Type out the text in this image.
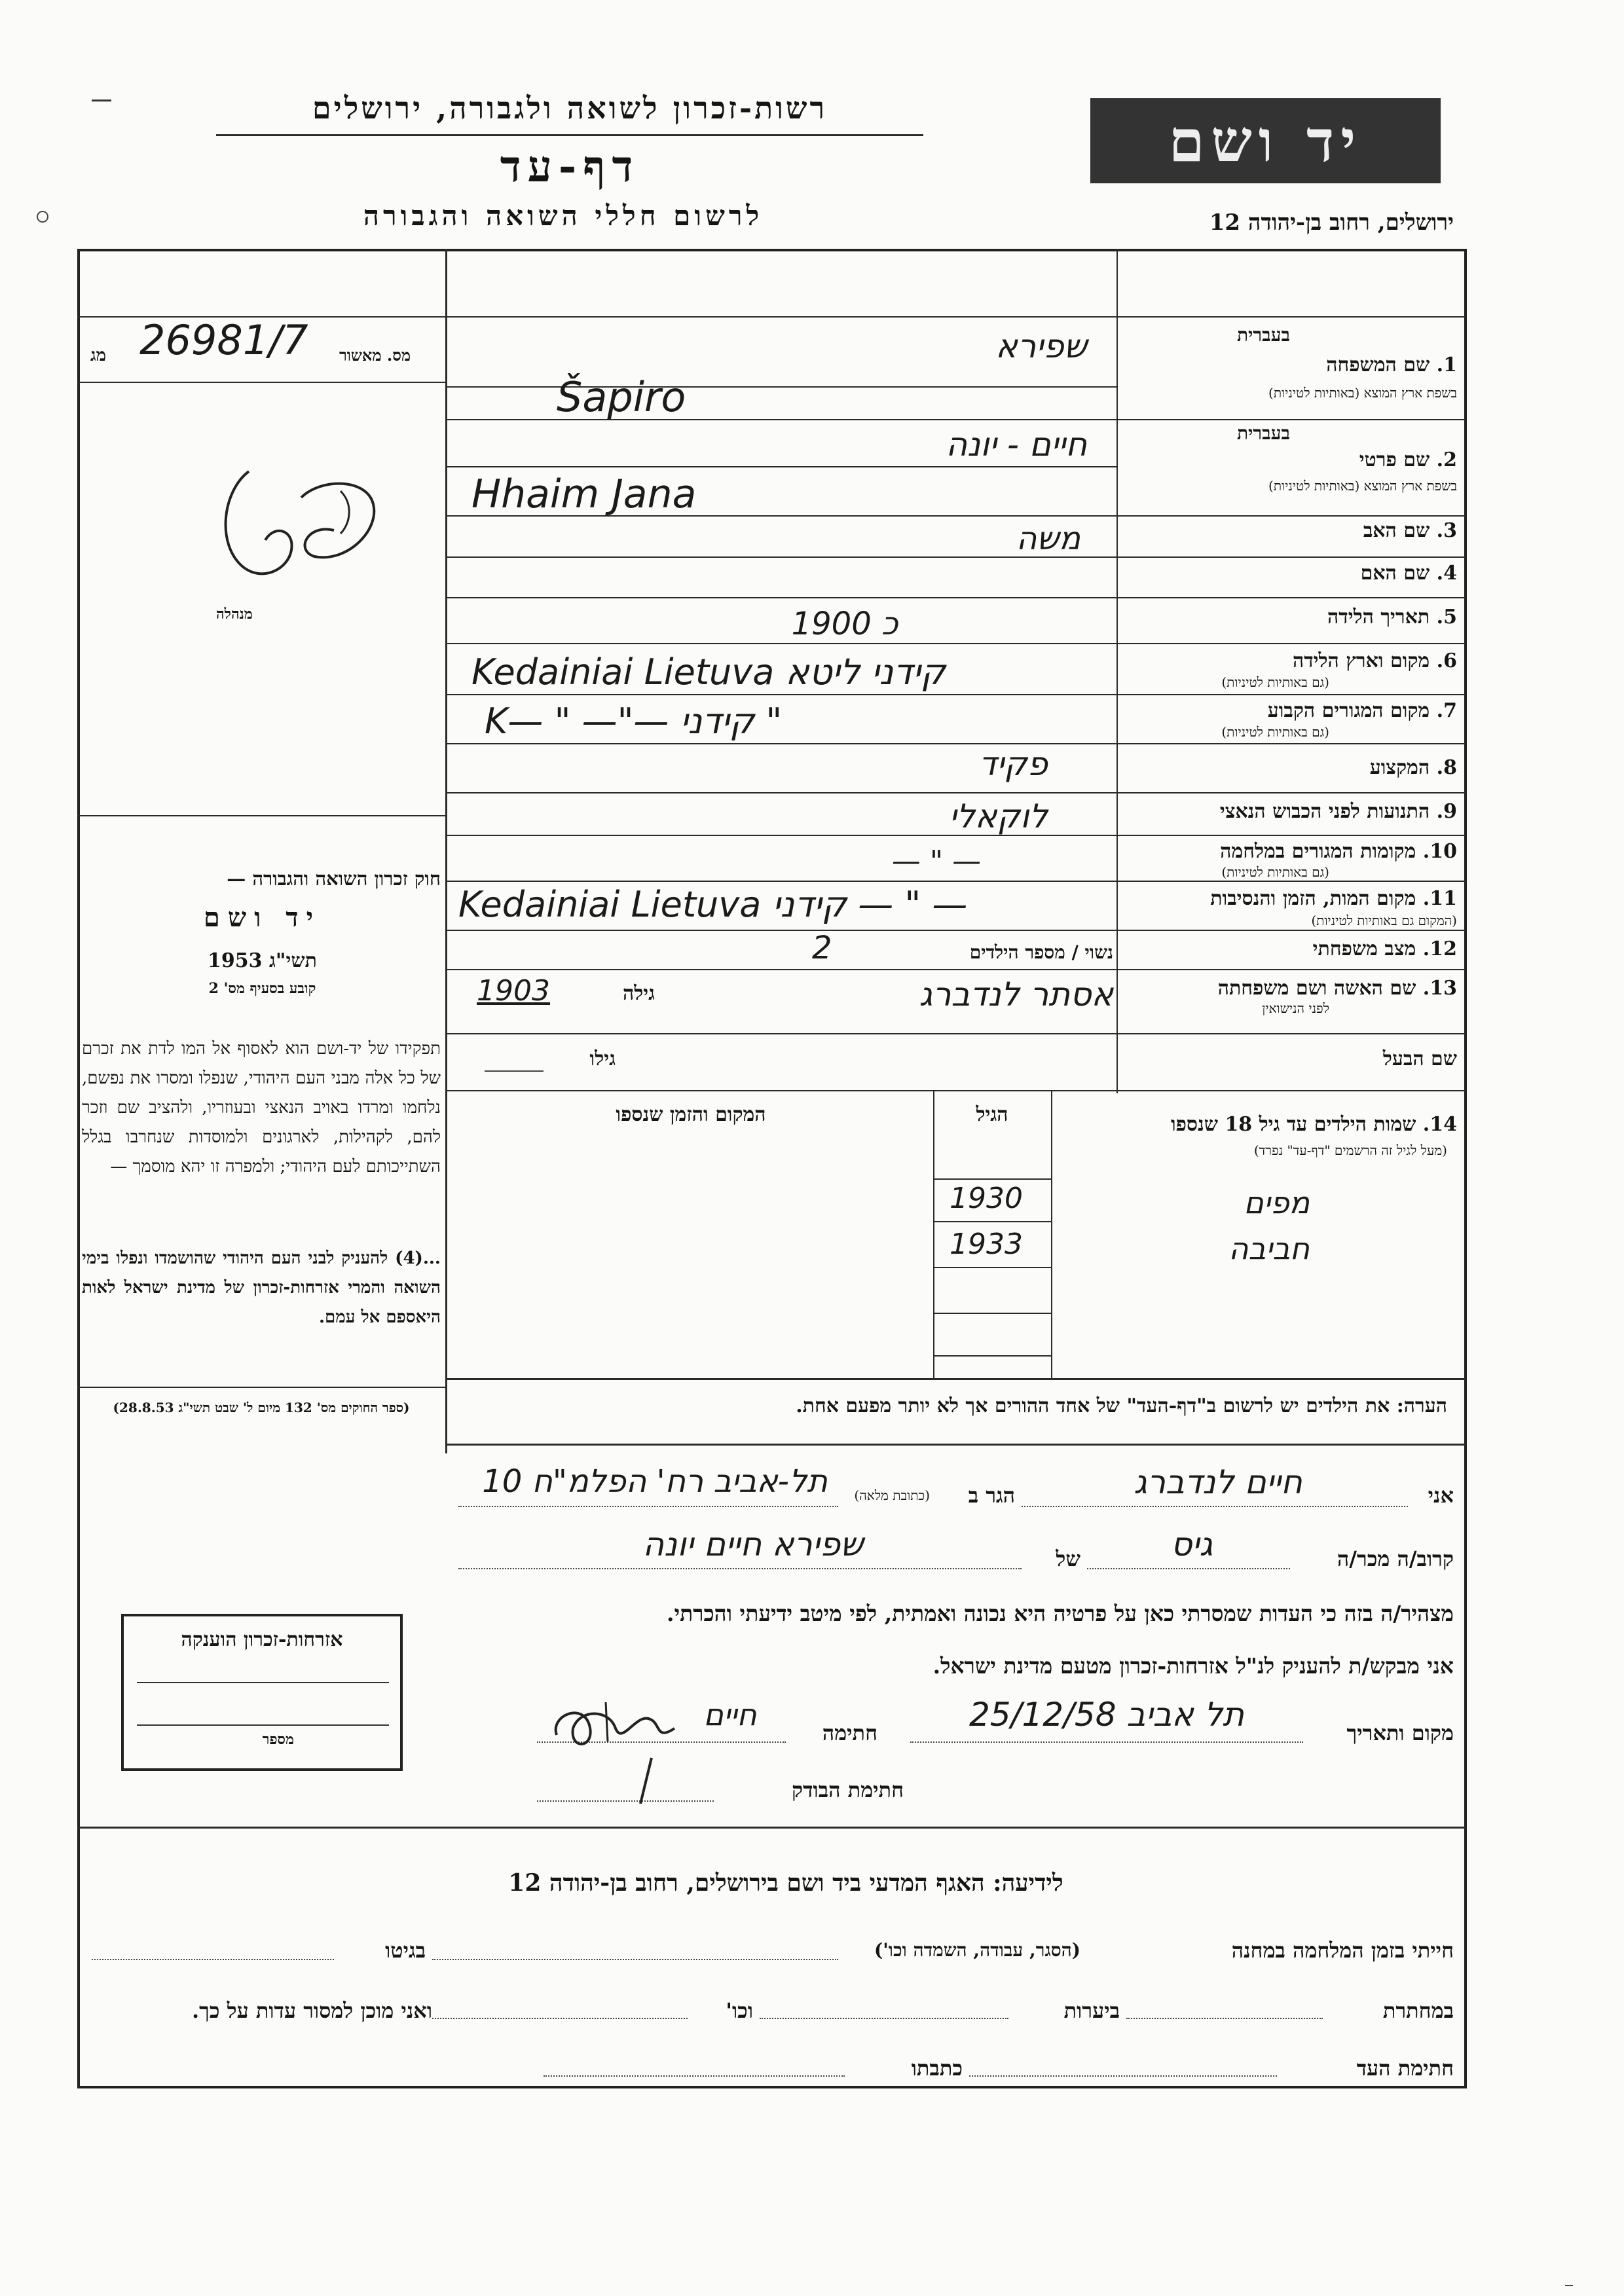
רשות-זכרון לשואה ולגבורה, ירושלים
דף-עד
לרשום חללי השואה והגבורה
יד ושם
ירושלים, רחוב בן-יהודה 12
מג 26981/7 מס. מאשור
מנהלה
חוק זכרון השואה והגבורה —
יד ושם
תשי"ג 1953
קובע בסעיף מס' 2
תפקידו של יד-ושם הוא לאסוף אל המו לדת את זכרם של כל אלה מבני העם היהודי, שנפלו ומסרו את נפשם, נלחמו ומרדו באויב הנאצי ובעוזריו, ולהציב שם וזכר להם, לקהילות, לארגונים ולמוסדות שנחרבו בגלל השתייכותם לעם היהודי; ולמפרה זו יהא מוסמך —
...(4) להעניק לבני העם היהודי שהושמדו ונפלו בימי השואה והמרי אזרחות-זכרון של מדינת ישראל לאות היאספם אל עמם.
(ספר החוקים מס' 132 מיום ל' שבט תשי"ג 28.8.53)
בעברית
1. שם המשפחה
בשפת ארץ המוצא (באותיות לטיניות)
בעברית
2. שם פרטי
בשפת ארץ המוצא (באותיות לטיניות)
3. שם האב
4. שם האם
5. תאריך הלידה
6. מקום וארץ הלידה
(גם באותיות לטיניות)
7. מקום המגורים הקבוע
(גם באותיות לטיניות)
8. המקצוע
9. התנועות לפני הכבוש הנאצי
10. מקומות המגורים במלחמה
(גם באותיות לטיניות)
11. מקום המות, הזמן והנסיבות
(המקום גם באותיות לטיניות)
12. מצב משפחתי
13. שם האשה ושם משפחתה
לפני הנישואין
שם הבעל
שפירא
Šapiro
חיים - יונה
Hhaim Jana
משה
כ 1900
Kedainiai Lietuva קידני ליטא
K— " —"— קידני "
פקיד
לוקאלי
— " —
Kedainiai Lietuva קידני — " —
נשוי / מספר הילדים
2
אסתר לנדברג
גילה
1903
גילו
14. שמות הילדים עד גיל 18 שנספו
(מעל לגיל זה הרשמים "דף-עד" נפרד)
הגיל
המקום והזמן שנספו
מפים
1930
חביבה
1933
הערה: את הילדים יש לרשום ב"דף-העד" של אחד ההורים אך לא יותר מפעם אחת.
אני
חיים לנדברג
הגר ב
(כתובת מלאה)
תל-אביב רח' הפלמ"ח 10
קרוב/ה מכר/ה
גיס
של
שפירא חיים יונה
מצהיר/ה בזה כי העדות שמסרתי כאן על פרטיה היא נכונה ואמתית, לפי מיטב ידיעתי והכרתי.
אני מבקש/ת להעניק לנ"ל אזרחות-זכרון מטעם מדינת ישראל.
מקום ותאריך
תל אביב 25/12/58
חתימה
חיים
חתימת הבודק
אזרחות-זכרון הוענקה
מספר
לידיעה: האגף המדעי ביד ושם בירושלים, רחוב בן-יהודה 12
חייתי בזמן המלחמה במחנה
(הסגר, עבודה, השמדה וכו')
בגיטו
במחתרת
ביערות
וכו'
ואני מוכן למסור עדות על כך.
חתימת העד
כתבתו
